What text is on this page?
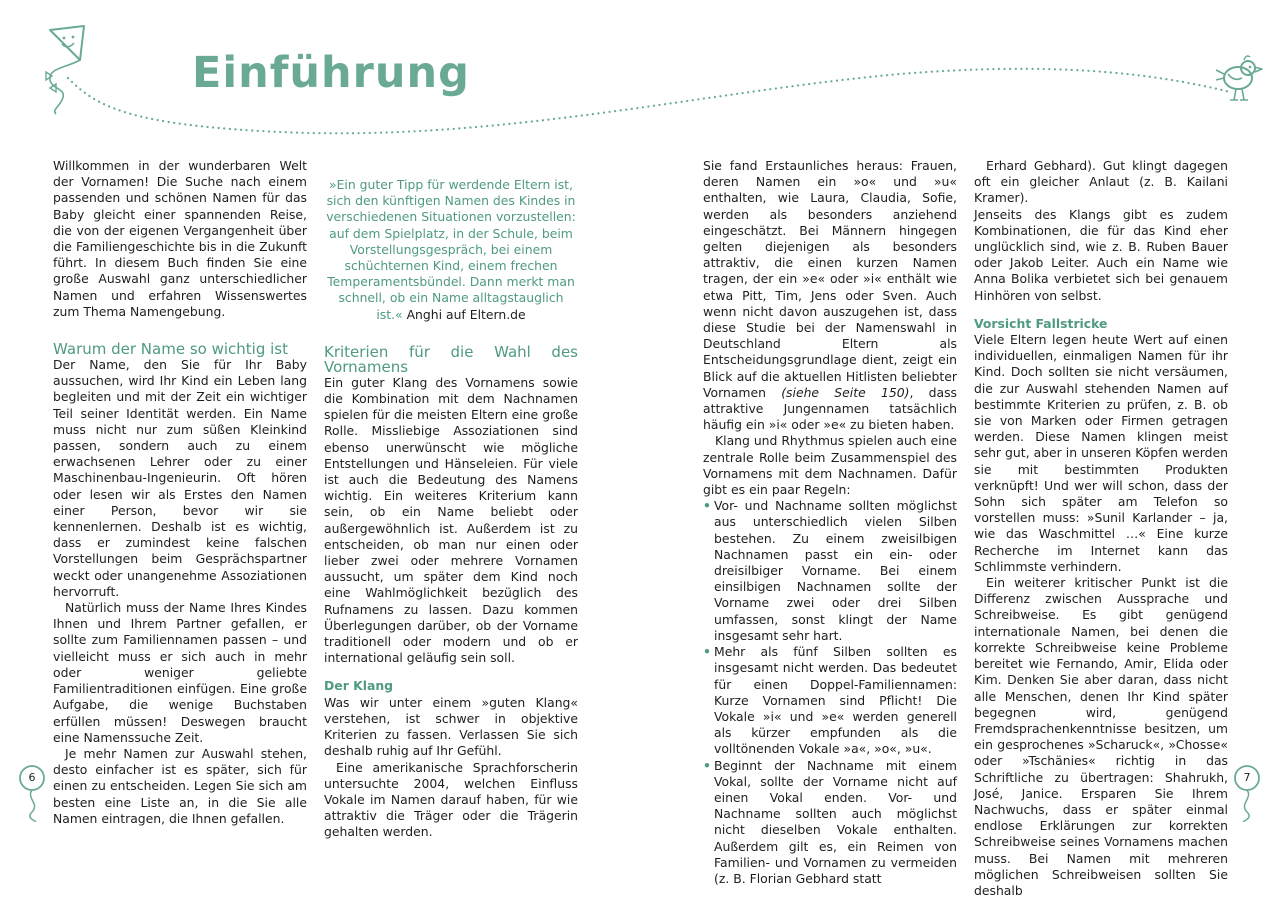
Einführung

Willkommen in der wunderbaren Welt der Vornamen! Die Suche nach einem passenden und schönen Namen für das Baby gleicht einer spannenden Reise, die von der eigenen Vergangenheit über die Familiengeschichte bis in die Zukunft führt. In diesem Buch finden Sie eine große Auswahl ganz unterschiedlicher Namen und erfahren Wissenswertes zum Thema Namengebung.

Warum der Name so wichtig ist

Der Name, den Sie für Ihr Baby aussuchen, wird Ihr Kind ein Leben lang begleiten und mit der Zeit ein wichtiger Teil seiner Identität werden. Ein Name muss nicht nur zum süßen Kleinkind passen, sondern auch zu einem erwachsenen Lehrer oder zu einer Maschinenbau-Ingenieurin. Oft hören oder lesen wir als Erstes den Namen einer Person, bevor wir sie kennenlernen. Deshalb ist es wichtig, dass er zumindest keine falschen Vorstellungen beim Gesprächspartner weckt oder unangenehme Assoziationen hervorruft.

Natürlich muss der Name Ihres Kindes Ihnen und Ihrem Partner gefallen, er sollte zum Familiennamen passen – und vielleicht muss er sich auch in mehr oder weniger geliebte Familientraditionen einfügen. Eine große Aufgabe, die wenige Buchstaben erfüllen müssen! Deswegen braucht eine Namenssuche Zeit.

Je mehr Namen zur Auswahl stehen, desto einfacher ist es später, sich für einen zu entscheiden. Legen Sie sich am besten eine Liste an, in die Sie alle Namen eintragen, die Ihnen gefallen.

»Ein guter Tipp für werdende Eltern ist, sich den künftigen Namen des Kindes in verschiedenen Situationen vorzustellen: auf dem Spielplatz, in der Schule, beim Vorstellungsgespräch, bei einem schüchternen Kind, einem frechen Temperamentsbündel. Dann merkt man schnell, ob ein Name alltagstauglich ist.« Anghi auf Eltern.de

Kriterien für die Wahl des Vornamens

Ein guter Klang des Vornamens sowie die Kombination mit dem Nachnamen spielen für die meisten Eltern eine große Rolle. Missliebige Assoziationen sind ebenso unerwünscht wie mögliche Entstellungen und Hänseleien. Für viele ist auch die Bedeutung des Namens wichtig. Ein weiteres Kriterium kann sein, ob ein Name beliebt oder außergewöhnlich ist. Außerdem ist zu entscheiden, ob man nur einen oder lieber zwei oder mehrere Vornamen aussucht, um später dem Kind noch eine Wahlmöglichkeit bezüglich des Rufnamens zu lassen. Dazu kommen Überlegungen darüber, ob der Vorname traditionell oder modern und ob er international geläufig sein soll.

Der Klang

Was wir unter einem »guten Klang« verstehen, ist schwer in objektive Kriterien zu fassen. Verlassen Sie sich deshalb ruhig auf Ihr Gefühl.

Eine amerikanische Sprachforscherin untersuchte 2004, welchen Einfluss Vokale im Namen darauf haben, für wie attraktiv die Träger oder die Trägerin gehalten werden.

Sie fand Erstaunliches heraus: Frauen, deren Namen ein »o« und »u« enthalten, wie Laura, Claudia, Sofie, werden als besonders anziehend eingeschätzt. Bei Männern hingegen gelten diejenigen als besonders attraktiv, die einen kurzen Namen tragen, der ein »e« oder »i« enthält wie etwa Pitt, Tim, Jens oder Sven. Auch wenn nicht davon auszugehen ist, dass diese Studie bei der Namenswahl in Deutschland Eltern als Entscheidungsgrundlage dient, zeigt ein Blick auf die aktuellen Hitlisten beliebter Vornamen (siehe Seite 150), dass attraktive Jungennamen tatsächlich häufig ein »i« oder »e« zu bieten haben.

Klang und Rhythmus spielen auch eine zentrale Rolle beim Zusammenspiel des Vornamens mit dem Nachnamen. Dafür gibt es ein paar Regeln:

• Vor- und Nachname sollten möglichst aus unterschiedlich vielen Silben bestehen. Zu einem zweisilbigen Nachnamen passt ein ein- oder dreisilbiger Vorname. Bei einem einsilbigen Nachnamen sollte der Vorname zwei oder drei Silben umfassen, sonst klingt der Name insgesamt sehr hart.
• Mehr als fünf Silben sollten es insgesamt nicht werden. Das bedeutet für einen Doppel-Familiennamen: Kurze Vornamen sind Pflicht! Die Vokale »i« und »e« werden generell als kürzer empfunden als die volltönenden Vokale »a«, »o«, »u«.
• Beginnt der Nachname mit einem Vokal, sollte der Vorname nicht auf einen Vokal enden. Vor- und Nachname sollten auch möglichst nicht dieselben Vokale enthalten. Außerdem gilt es, ein Reimen von Familien- und Vornamen zu vermeiden (z. B. Florian Gebhard statt

Erhard Gebhard). Gut klingt dagegen oft ein gleicher Anlaut (z. B. Kailani Kramer).

Jenseits des Klangs gibt es zudem Kombinationen, die für das Kind eher unglücklich sind, wie z. B. Ruben Bauer oder Jakob Leiter. Auch ein Name wie Anna Bolika verbietet sich bei genauem Hinhören von selbst.

Vorsicht Fallstricke

Viele Eltern legen heute Wert auf einen individuellen, einmaligen Namen für ihr Kind. Doch sollten sie nicht versäumen, die zur Auswahl stehenden Namen auf bestimmte Kriterien zu prüfen, z. B. ob sie von Marken oder Firmen getragen werden. Diese Namen klingen meist sehr gut, aber in unseren Köpfen werden sie mit bestimmten Produkten verknüpft! Und wer will schon, dass der Sohn sich später am Telefon so vorstellen muss: »Sunil Karlander – ja, wie das Waschmittel …« Eine kurze Recherche im Internet kann das Schlimmste verhindern.

Ein weiterer kritischer Punkt ist die Differenz zwischen Aussprache und Schreibweise. Es gibt genügend internationale Namen, bei denen die korrekte Schreibweise keine Probleme bereitet wie Fernando, Amir, Elida oder Kim. Denken Sie aber daran, dass nicht alle Menschen, denen Ihr Kind später begegnen wird, genügend Fremdsprachenkenntnisse besitzen, um ein gesprochenes »Scharuck«, »Chosse« oder »Tschänies« richtig in das Schriftliche zu übertragen: Shahrukh, José, Janice. Ersparen Sie Ihrem Nachwuchs, dass er später einmal endlose Erklärungen zur korrekten Schreibweise seines Vornamens machen muss. Bei Namen mit mehreren möglichen Schreibweisen sollten Sie deshalb

6	7
